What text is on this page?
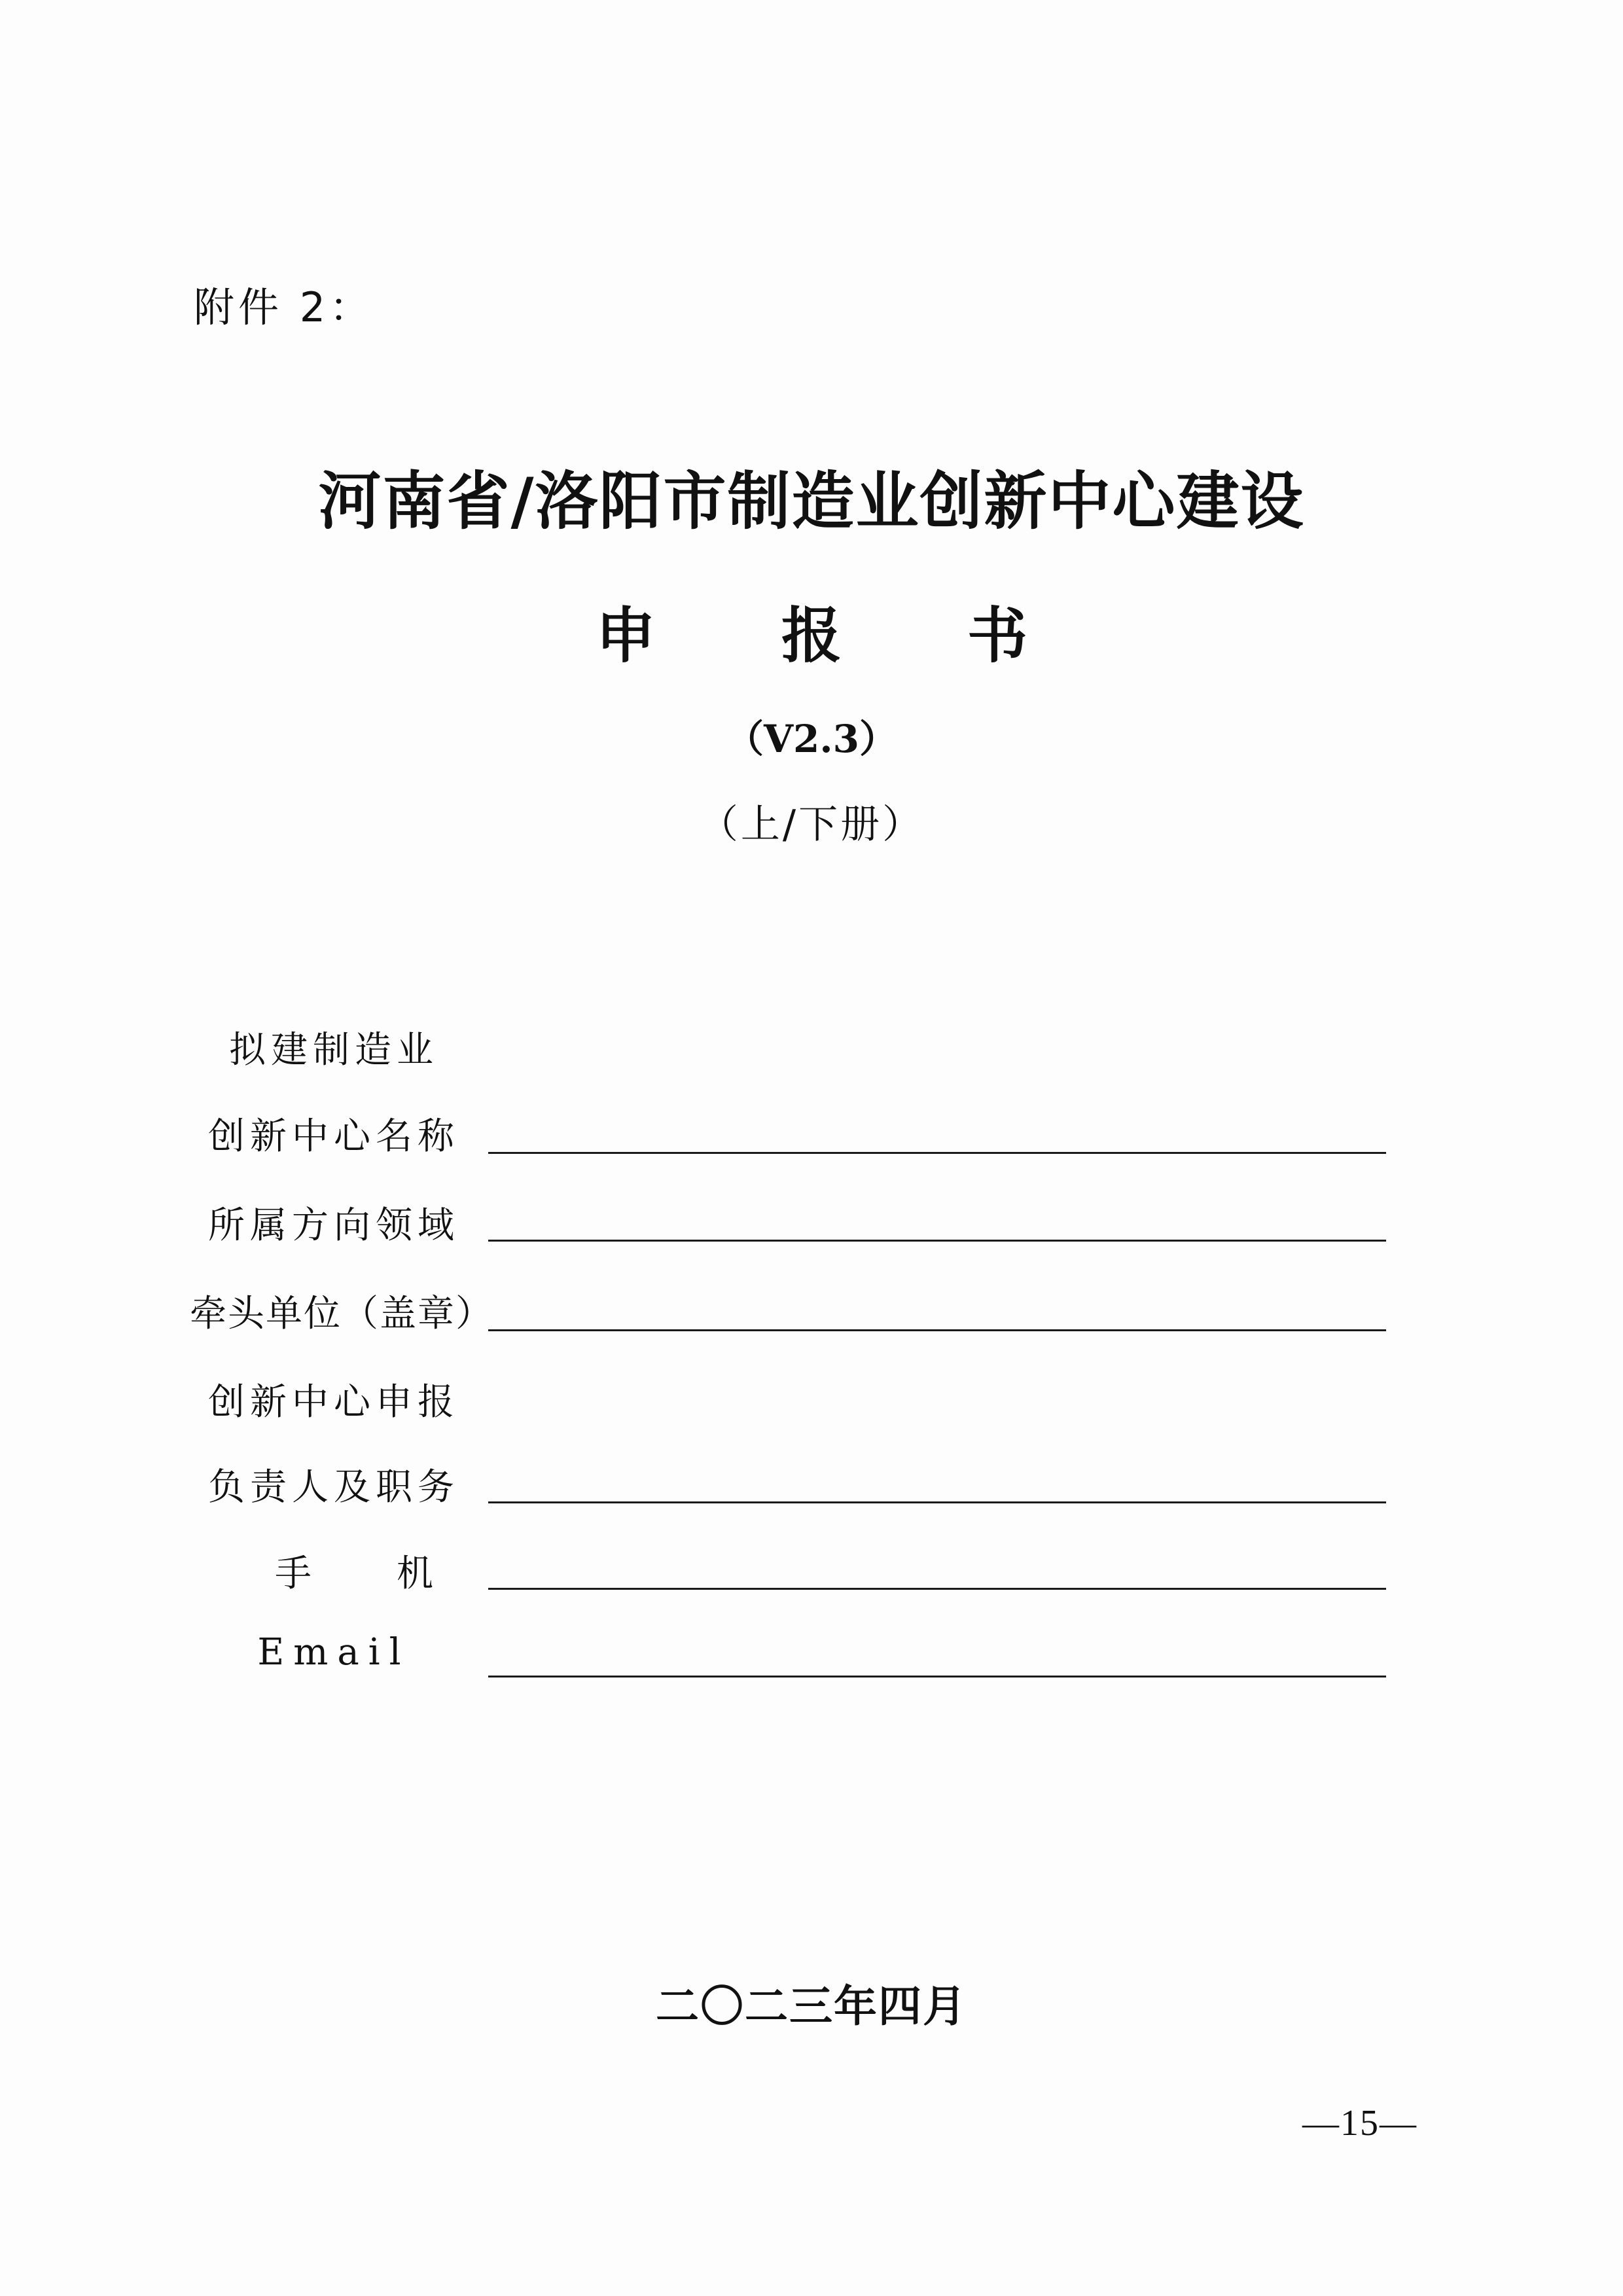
附件 2：
河南省/洛阳市制造业创新中心建设
申 报 书
（V2.3）
（上/下册）
拟建制造业
创新中心名称
所属方向领域
牵头单位（盖章）
创新中心申报
负责人及职务
手机
Email
二〇二三年四月
—15—
